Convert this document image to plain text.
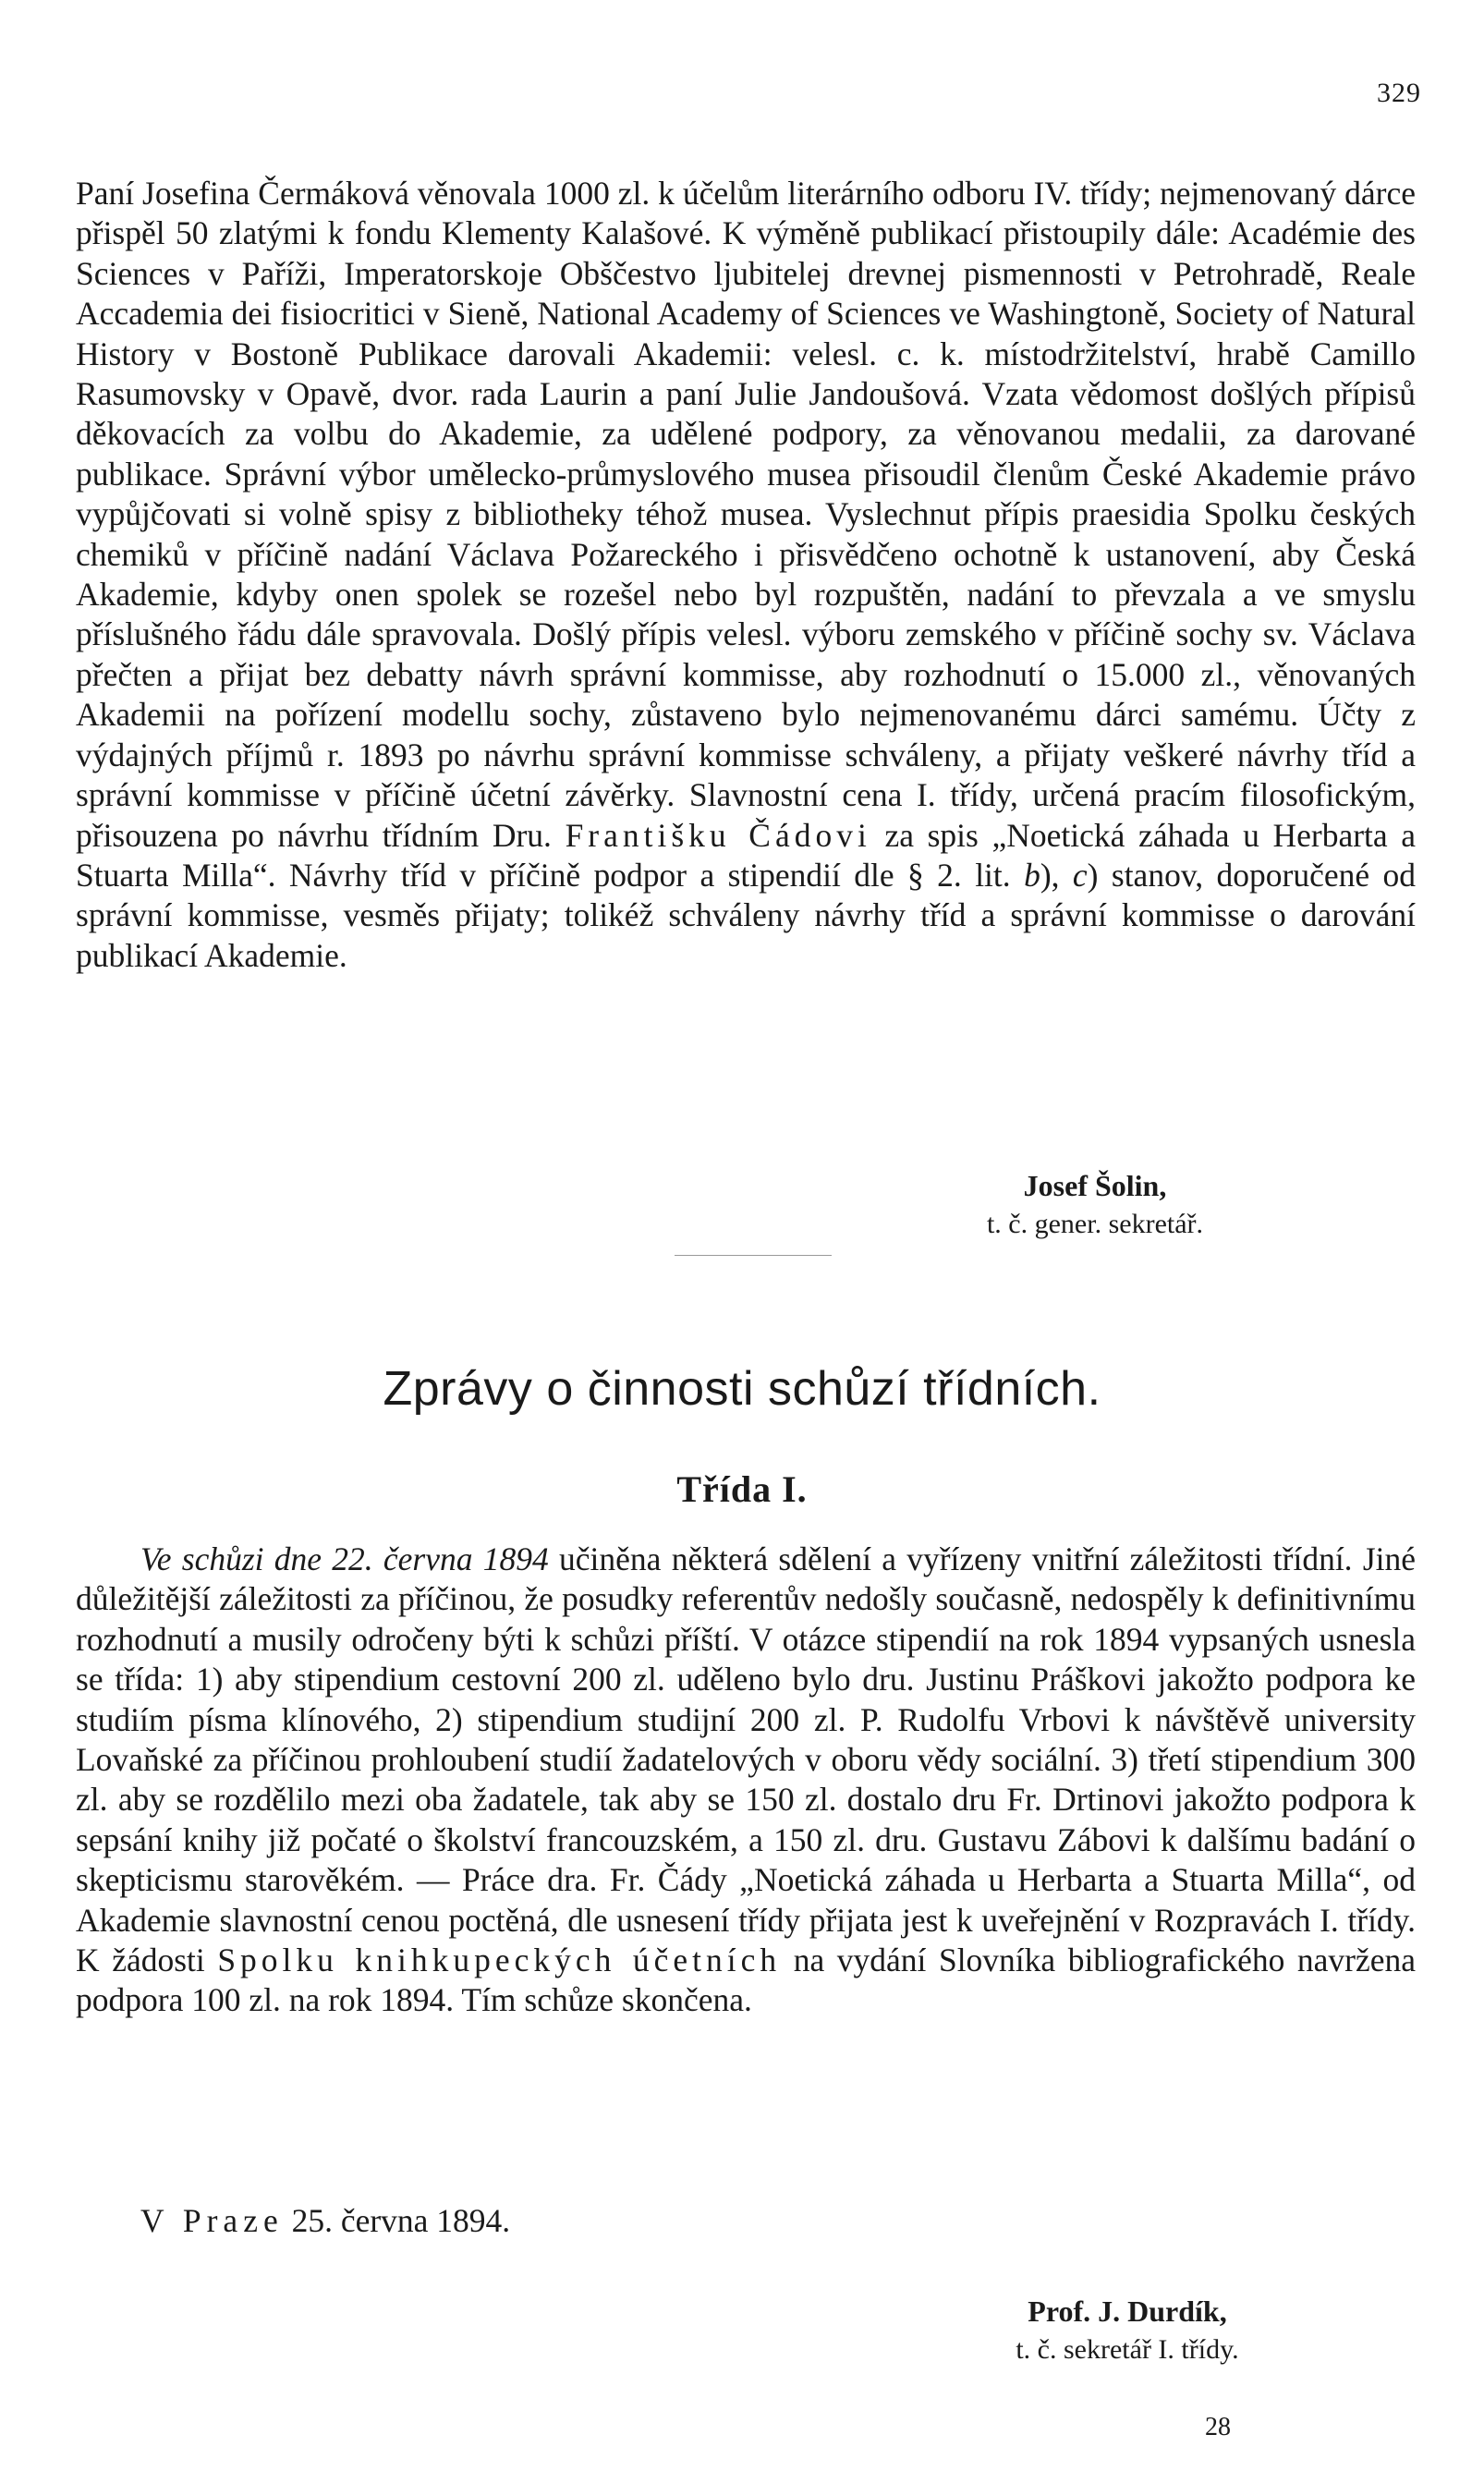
329

Paní Josefina Čermáková věnovala 1000 zl. k účelům literárního odboru IV. třídy; nejmenovaný dárce přispěl 50 zlatými k fondu Klementy Kalašové. K výměně publikací přistoupily dále: Académie des Sciences v Paříži, Imperatorskoje Obščestvo ljubitelej drevnej pismennosti v Petrohradě, Reale Accademia dei fisiocritici v Sieně, National Academy of Sciences ve Washingtoně, Society of Natural History v Bostoně Publikace darovali Akademii: velesl. c. k. místodržitelství, hrabě Camillo Rasumovsky v Opavě, dvor. rada Laurin a paní Julie Jandoušová. Vzata vědomost došlých přípisů děkovacích za volbu do Akademie, za udělené podpory, za věnovanou medalii, za darované publikace. Správní výbor umělecko-průmyslového musea přisoudil členům České Akademie právo vypůjčovati si volně spisy z bibliotheky téhož musea. Vyslechnut přípis praesidia Spolku českých chemiků v příčině nadání Václava Požareckého i přisvědčeno ochotně k ustanovení, aby Česká Akademie, kdyby onen spolek se rozešel nebo byl rozpuštěn, nadání to převzala a ve smyslu příslušného řádu dále spravovala. Došlý přípis velesl. výboru zemského v příčině sochy sv. Václava přečten a přijat bez debatty návrh správní kommisse, aby rozhodnutí o 15.000 zl., věnovaných Akademii na pořízení modellu sochy, zůstaveno bylo nejmenovanému dárci samému. Účty z výdajných příjmů r. 1893 po návrhu správní kommisse schváleny, a přijaty veškeré návrhy tříd a správní kommisse v příčině účetní závěrky. Slavnostní cena I. třídy, určená pracím filosofickým, přisouzena po návrhu třídním Dru. Františku Čádovi za spis „Noetická záhada u Herbarta a Stuarta Milla“. Návrhy tříd v příčině podpor a stipendií dle § 2. lit. b), c) stanov, doporučené od správní kommisse, vesměs přijaty; tolikéž schváleny návrhy tříd a správní kommisse o darování publikací Akademie.

Josef Šolin,
t. č. gener. sekretář.
Zprávy o činnosti schůzí třídních.
Třída I.

Ve schůzi dne 22. června 1894 učiněna některá sdělení a vyřízeny vnitřní záležitosti třídní. Jiné důležitější záležitosti za příčinou, že posudky referentův nedošly současně, nedospěly k definitivnímu rozhodnutí a musily odročeny býti k schůzi příští. V otázce stipendií na rok 1894 vypsaných usnesla se třída: 1) aby stipendium cestovní 200 zl. uděleno bylo dru. Justinu Práškovi jakožto podpora ke studiím písma klínového, 2) stipendium studijní 200 zl. P. Rudolfu Vrbovi k návštěvě university Lovaňské za příčinou prohloubení studií žadatelových v oboru vědy sociální. 3) třetí stipendium 300 zl. aby se rozdělilo mezi oba žadatele, tak aby se 150 zl. dostalo dru Fr. Drtinovi jakožto podpora k sepsání knihy již počaté o školství francouzském, a 150 zl. dru. Gustavu Zábovi k dalšímu badání o skepticismu starověkém. — Práce dra. Fr. Čády „Noetická záhada u Herbarta a Stuarta Milla“, od Akademie slavnostní cenou poctěná, dle usnesení třídy přijata jest k uveřejnění v Rozpravách I. třídy. K žádosti Spolku knihkupeckých účetních na vydání Slovníka bibliografického navržena podpora 100 zl. na rok 1894. Tím schůze skončena.

V Praze 25. června 1894.
Prof. J. Durdík,
t. č. sekretář I. třídy.
28
